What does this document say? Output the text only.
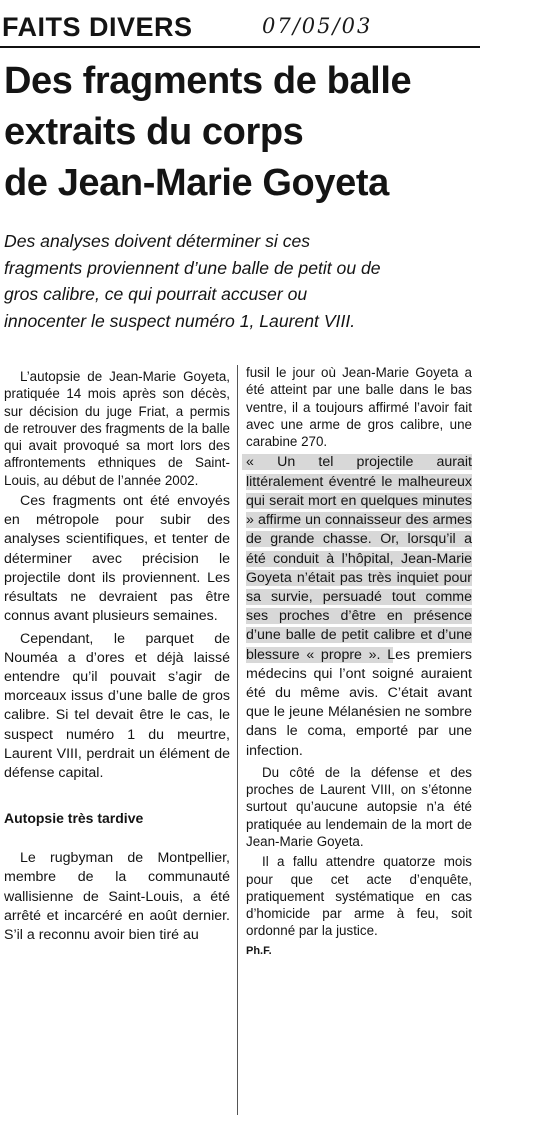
FAITS DIVERS	07/05/03
Des fragments de balle
extraits du corps
de Jean-Marie Goyeta
Des analyses doivent déterminer si ces
fragments proviennent d’une balle de petit ou de
gros calibre, ce qui pourrait accuser ou
innocenter le suspect numéro 1, Laurent VIII.

L’autopsie de Jean-Marie Goyeta, pratiquée 14 mois après son décès, sur décision du juge Friat, a permis de retrouver des fragments de la balle qui avait provoqué sa mort lors des affrontements ethniques de Saint-Louis, au début de l’année 2002.

Ces fragments ont été envoyés en métropole pour subir des analyses scientifiques, et tenter de déterminer avec précision le projectile dont ils proviennent. Les résultats ne devraient pas être connus avant plusieurs semaines.

Cependant, le parquet de Nouméa a d’ores et déjà laissé entendre qu’il pouvait s’agir de morceaux issus d’une balle de gros calibre. Si tel devait être le cas, le suspect numéro 1 du meurtre, Laurent VIII, perdrait un élément de défense capital.

Autopsie très tardive

Le rugbyman de Montpellier, membre de la communauté wallisienne de Saint-Louis, a été arrêté et incarcéré en août dernier. S’il a reconnu avoir bien tiré au

fusil le jour où Jean-Marie Goyeta a été atteint par une balle dans le bas ventre, il a toujours affirmé l’avoir fait avec une arme de gros calibre, une carabine 270.

« Un tel projectile aurait littéralement éventré le malheureux qui serait mort en quelques minutes » affirme un connaisseur des armes de grande chasse. Or, lorsqu’il a été conduit à l’hôpital, Jean-Marie Goyeta n’était pas très inquiet pour sa survie, persuadé tout comme ses proches d’être en présence d’une balle de petit calibre et d’une blessure « propre ». Les premiers médecins qui l’ont soigné auraient été du même avis. C’était avant que le jeune Mélanésien ne sombre dans le coma, emporté par une infection.

Du côté de la défense et des proches de Laurent VIII, on s’étonne surtout qu’aucune autopsie n’a été pratiquée au lendemain de la mort de Jean-Marie Goyeta.

Il a fallu attendre quatorze mois pour que cet acte d’enquête, pratiquement systématique en cas d’homicide par arme à feu, soit ordonné par la justice.

Ph.F.
